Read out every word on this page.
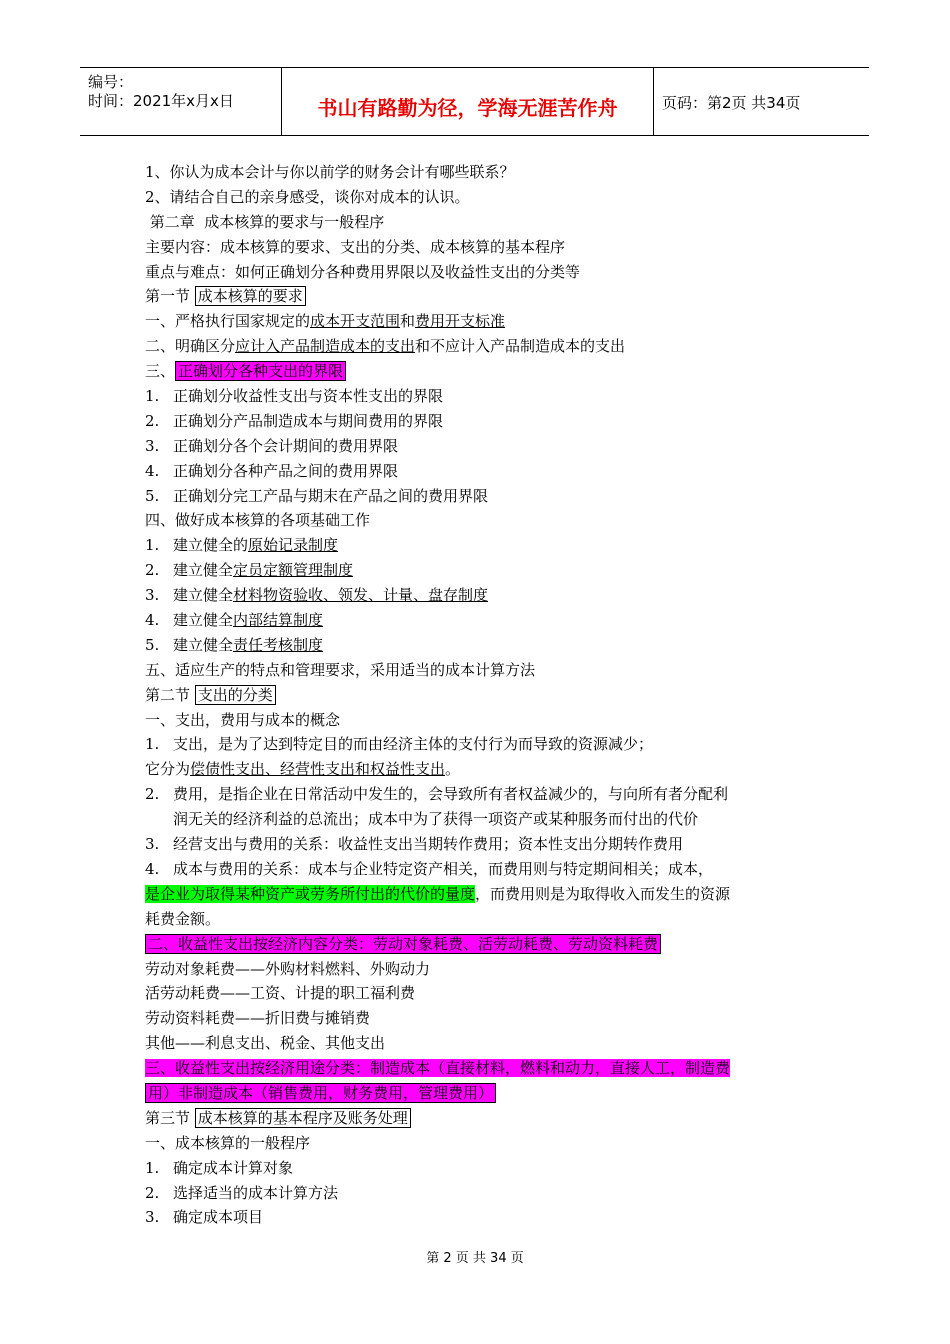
编号：
时间：2021年x月x日	书山有路勤为径，学海无涯苦作舟	页码：第2页 共34页
1、你认为成本会计与你以前学的财务会计有哪些联系？
2、请结合自己的亲身感受，谈你对成本的认识。
第二章  成本核算的要求与一般程序
主要内容：成本核算的要求、支出的分类、成本核算的基本程序
重点与难点：如何正确划分各种费用界限以及收益性支出的分类等
第一节 成本核算的要求
一、严格执行国家规定的成本开支范围和费用开支标准
二、明确区分应计入产品制造成本的支出和不应计入产品制造成本的支出
三、 正确划分各种支出的界限
1. 正确划分收益性支出与资本性支出的界限
2. 正确划分产品制造成本与期间费用的界限
3. 正确划分各个会计期间的费用界限
4. 正确划分各种产品之间的费用界限
5. 正确划分完工产品与期末在产品之间的费用界限
四、做好成本核算的各项基础工作
1. 建立健全的原始记录制度
2. 建立健全定员定额管理制度
3. 建立健全材料物资验收、领发、计量、盘存制度
4. 建立健全内部结算制度
5. 建立健全责任考核制度
五、适应生产的特点和管理要求，采用适当的成本计算方法
第二节 支出的分类
一、支出，费用与成本的概念
1. 支出，是为了达到特定目的而由经济主体的支付行为而导致的资源减少；
它分为偿债性支出、经营性支出和权益性支出。
2. 费用，是指企业在日常活动中发生的，会导致所有者权益减少的，与向所有者分配利
润无关的经济利益的总流出；成本中为了获得一项资产或某种服务而付出的代价
3. 经营支出与费用的关系：收益性支出当期转作费用；资本性支出分期转作费用
4. 成本与费用的关系：成本与企业特定资产相关，而费用则与特定期间相关；成本，
是企业为取得某种资产或劳务所付出的代价的量度，而费用则是为取得收入而发生的资源
耗费金额。
二、收益性支出按经济内容分类：劳动对象耗费、活劳动耗费、劳动资料耗费
劳动对象耗费——外购材料燃料、外购动力
活劳动耗费——工资、计提的职工福利费
劳动资料耗费——折旧费与摊销费
其他——利息支出、税金、其他支出
三、收益性支出按经济用途分类：制造成本（直接材料，燃料和动力，直接人工，制造费
用）非制造成本（销售费用，财务费用，管理费用）
第三节 成本核算的基本程序及账务处理
一、成本核算的一般程序
1. 确定成本计算对象
2. 选择适当的成本计算方法
3. 确定成本项目
第 2 页 共 34 页
